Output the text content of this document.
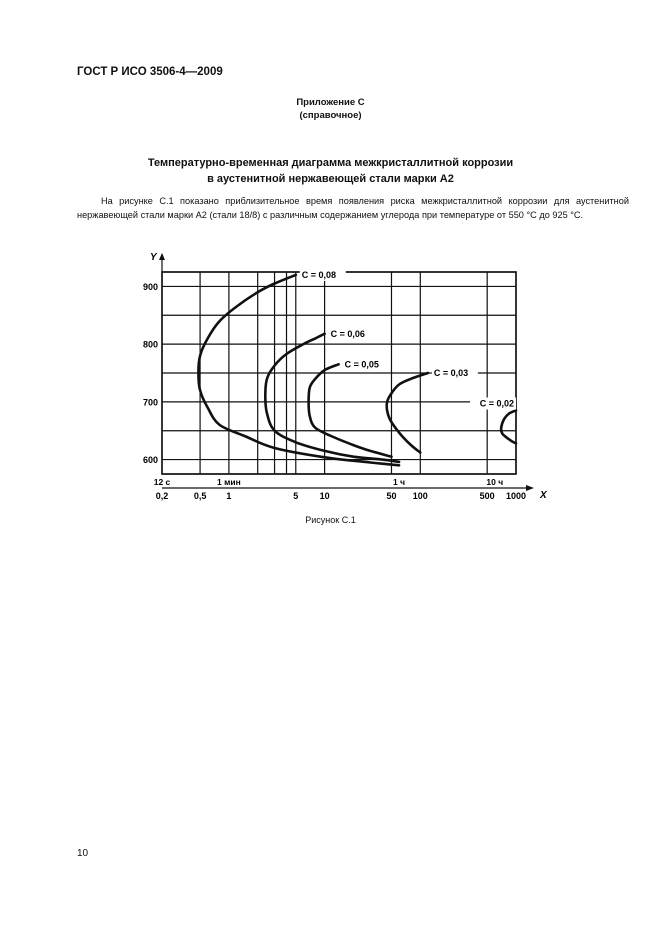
ГОСТ Р ИСО 3506-4—2009
Приложение С
(справочное)
Температурно-временная диаграмма межкристаллитной коррозии
в аустенитной нержавеющей стали марки А2
На рисунке С.1 показано приблизительное время появления риска межкристаллитной коррозии для аустенитной нержавеющей стали марки А2 (стали 18/8) с различным содержанием углерода при температуре от 550 °С до 925 °С.
Y
900
800
700
600
12 с	1 мин	1 ч	10 ч
X
0,2	0,5 1	5 10	50 100	500 1000
C = 0,08
C = 0,06
C = 0,05
C = 0,03
C = 0,02
Рисунок С.1
10
